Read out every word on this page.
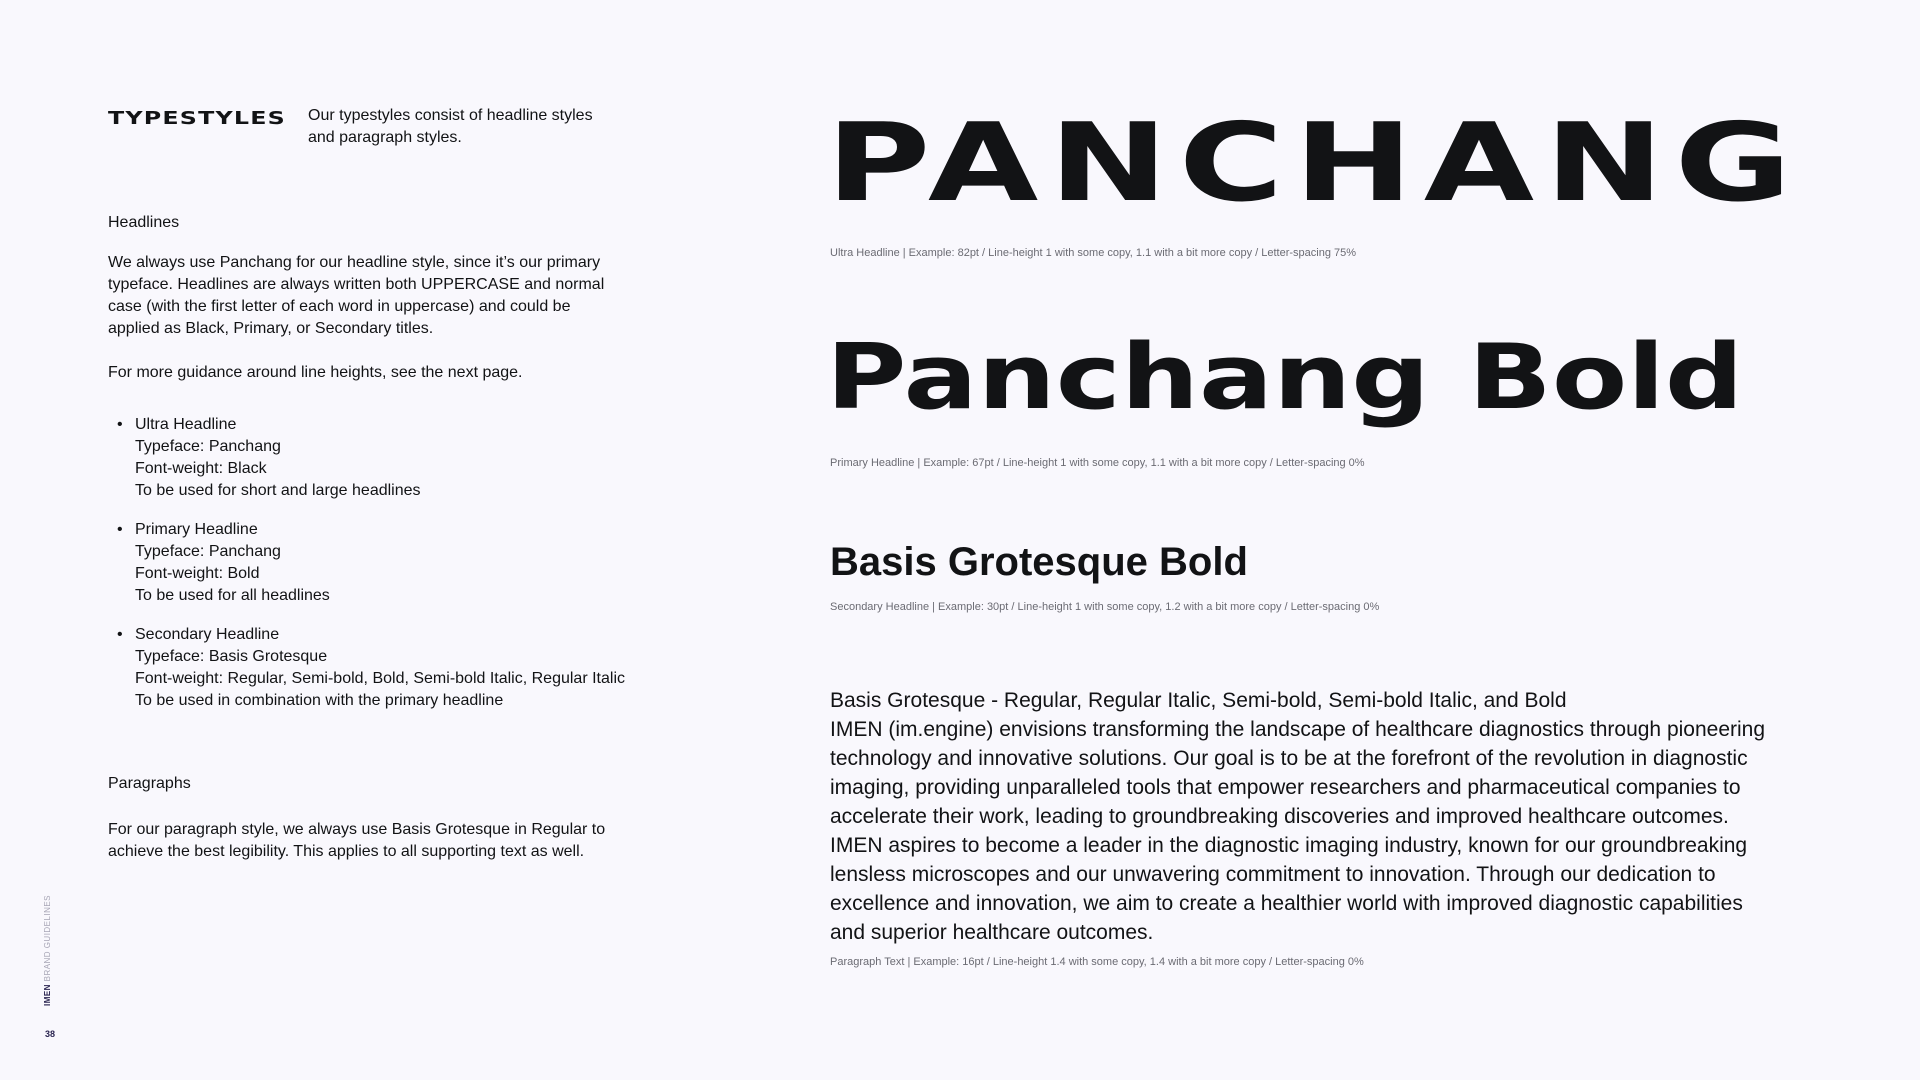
TYPESTYLES Our typestyles consist of headline styles
and paragraph styles.

Headlines

We always use Panchang for our headline style, since it’s our primary
typeface. Headlines are always written both UPPERCASE and normal
case (with the first letter of each word in uppercase) and could be
applied as Black, Primary, or Secondary titles.

For more guidance around line heights, see the next page.

• Ultra Headline
Typeface: Panchang
Font-weight: Black
To be used for short and large headlines
• Primary Headline
Typeface: Panchang
Font-weight: Bold
To be used for all headlines
• Secondary Headline
Typeface: Basis Grotesque
Font-weight: Regular, Semi-bold, Bold, Semi-bold Italic, Regular Italic
To be used in combination with the primary headline
Paragraphs

For our paragraph style, we always use Basis Grotesque in Regular to
achieve the best legibility. This applies to all supporting text as well.

IMEN BRAND GUIDELINES
38
PANCHANG

Ultra Headline | Example: 82pt / Line-height 1 with some copy, 1.1 with a bit more copy / Letter-spacing 75%

Panchang Bold

Primary Headline | Example: 67pt / Line-height 1 with some copy, 1.1 with a bit more copy / Letter-spacing 0%

Basis Grotesque Bold

Secondary Headline | Example: 30pt / Line-height 1 with some copy, 1.2 with a bit more copy / Letter-spacing 0%

Basis Grotesque - Regular, Regular Italic, Semi-bold, Semi-bold Italic, and Bold
IMEN (im.engine) envisions transforming the landscape of healthcare diagnostics through pioneering
technology and innovative solutions. Our goal is to be at the forefront of the revolution in diagnostic
imaging, providing unparalleled tools that empower researchers and pharmaceutical companies to
accelerate their work, leading to groundbreaking discoveries and improved healthcare outcomes.
IMEN aspires to become a leader in the diagnostic imaging industry, known for our groundbreaking
lensless microscopes and our unwavering commitment to innovation. Through our dedication to
excellence and innovation, we aim to create a healthier world with improved diagnostic capabilities
and superior healthcare outcomes.

Paragraph Text | Example: 16pt / Line-height 1.4 with some copy, 1.4 with a bit more copy / Letter-spacing 0%
